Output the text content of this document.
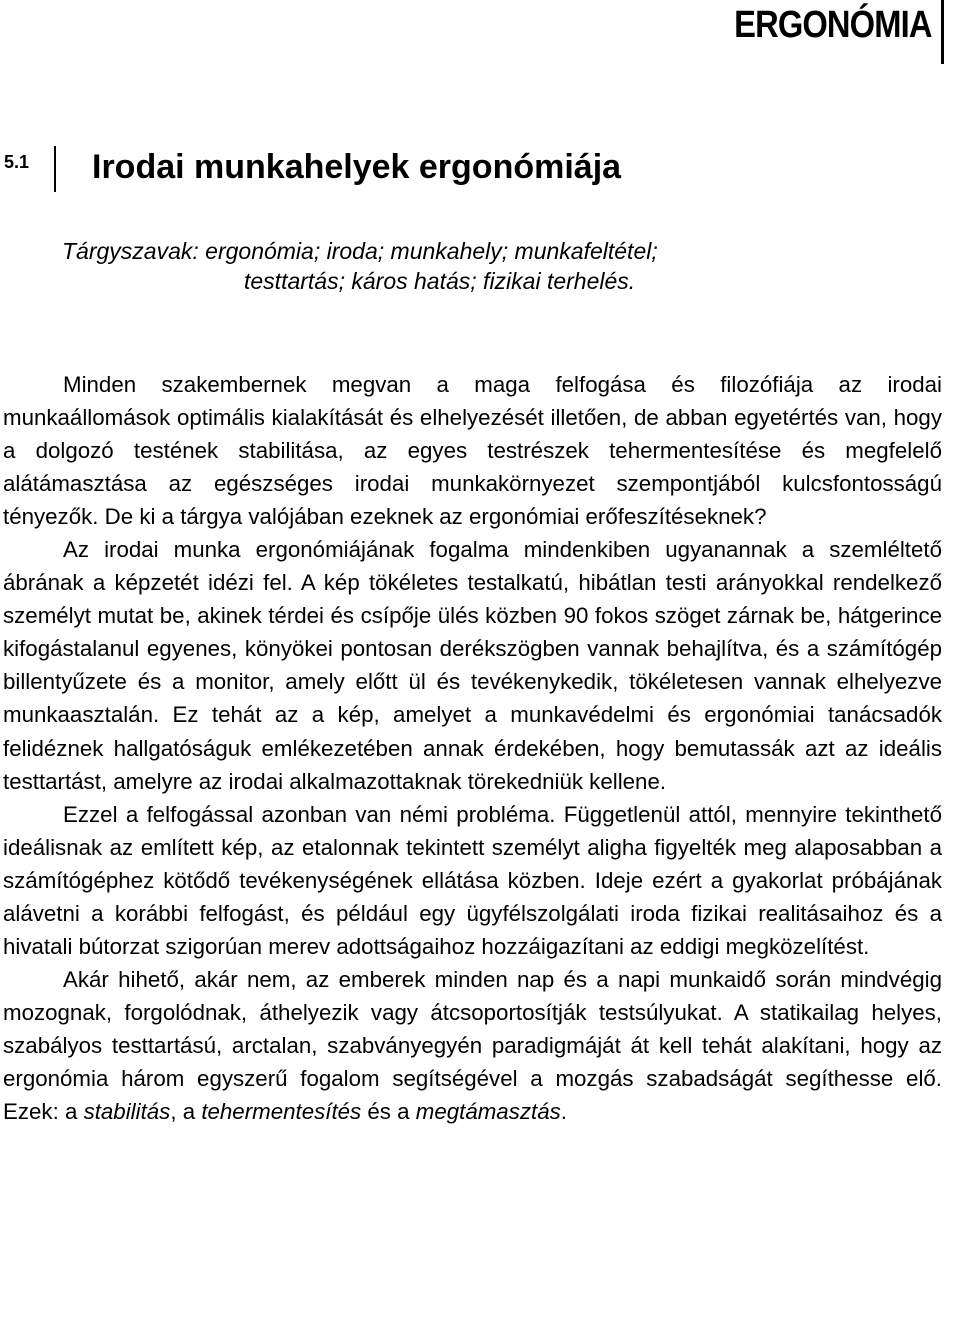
ERGONÓMIA
5.1 Irodai munkahelyek ergonómiája
Tárgyszavak: ergonómia; iroda; munkahely; munkafeltétel;
testtartás; káros hatás; fizikai terhelés.

Minden szakembernek megvan a maga felfogása és filozófiája az irodai munkaállomások optimális kialakítását és elhelyezését illetően, de abban egyetértés van, hogy a dolgozó testének stabilitása, az egyes testrészek tehermentesítése és megfelelő alátámasztása az egészséges irodai munkakörnyezet szempontjából kulcsfontosságú tényezők. De ki a tárgya valójában ezeknek az ergonómiai erőfeszítéseknek?

Az irodai munka ergonómiájának fogalma mindenkiben ugyanannak a szemléltető ábrának a képzetét idézi fel. A kép tökéletes testalkatú, hibátlan testi arányokkal rendelkező személyt mutat be, akinek térdei és csípője ülés közben 90 fokos szöget zárnak be, hátgerince kifogástalanul egyenes, könyökei pontosan derékszögben vannak behajlítva, és a számítógép billentyűzete és a monitor, amely előtt ül és tevékenykedik, tökéletesen vannak elhelyezve munkaasztalán. Ez tehát az a kép, amelyet a munkavédelmi és ergonómiai tanácsadók felidéznek hallgatóságuk emlékezetében annak érdekében, hogy bemutassák azt az ideális testtartást, amelyre az irodai alkalmazottaknak törekedniük kellene.

Ezzel a felfogással azonban van némi probléma. Függetlenül attól, mennyire tekinthető ideálisnak az említett kép, az etalonnak tekintett személyt aligha figyelték meg alaposabban a számítógéphez kötődő tevékenységének ellátása közben. Ideje ezért a gyakorlat próbájának alávetni a korábbi felfogást, és például egy ügyfélszolgálati iroda fizikai realitásaihoz és a hivatali bútorzat szigorúan merev adottságaihoz hozzáigazítani az eddigi megközelítést.

Akár hihető, akár nem, az emberek minden nap és a napi munkaidő során mindvégig mozognak, forgolódnak, áthelyezik vagy átcsoportosítják testsúlyukat. A statikailag helyes, szabályos testtartású, arctalan, szabványegyén paradigmáját át kell tehát alakítani, hogy az ergonómia három egyszerű fogalom segítségével a mozgás szabadságát segíthesse elő. Ezek: a stabilitás, a tehermentesítés és a megtámasztás.
